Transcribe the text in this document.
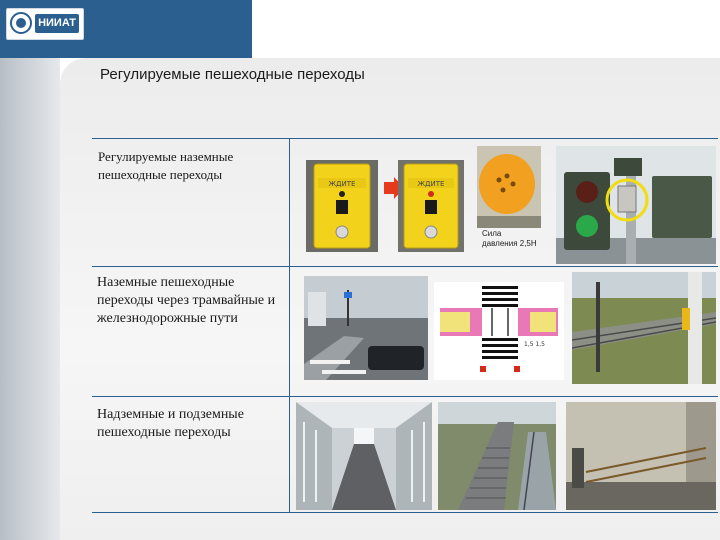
НИИАТ
Регулируемые пешеходные переходы
Регулируемые наземные пешеходные переходы
ЖДИТЕ	ЖДИТЕ
Сила давления 2,5Н
Наземные пешеходные переходы через трамвайные и железнодорожные пути
1,5 1,5
Надземные и подземные пешеходные переходы
